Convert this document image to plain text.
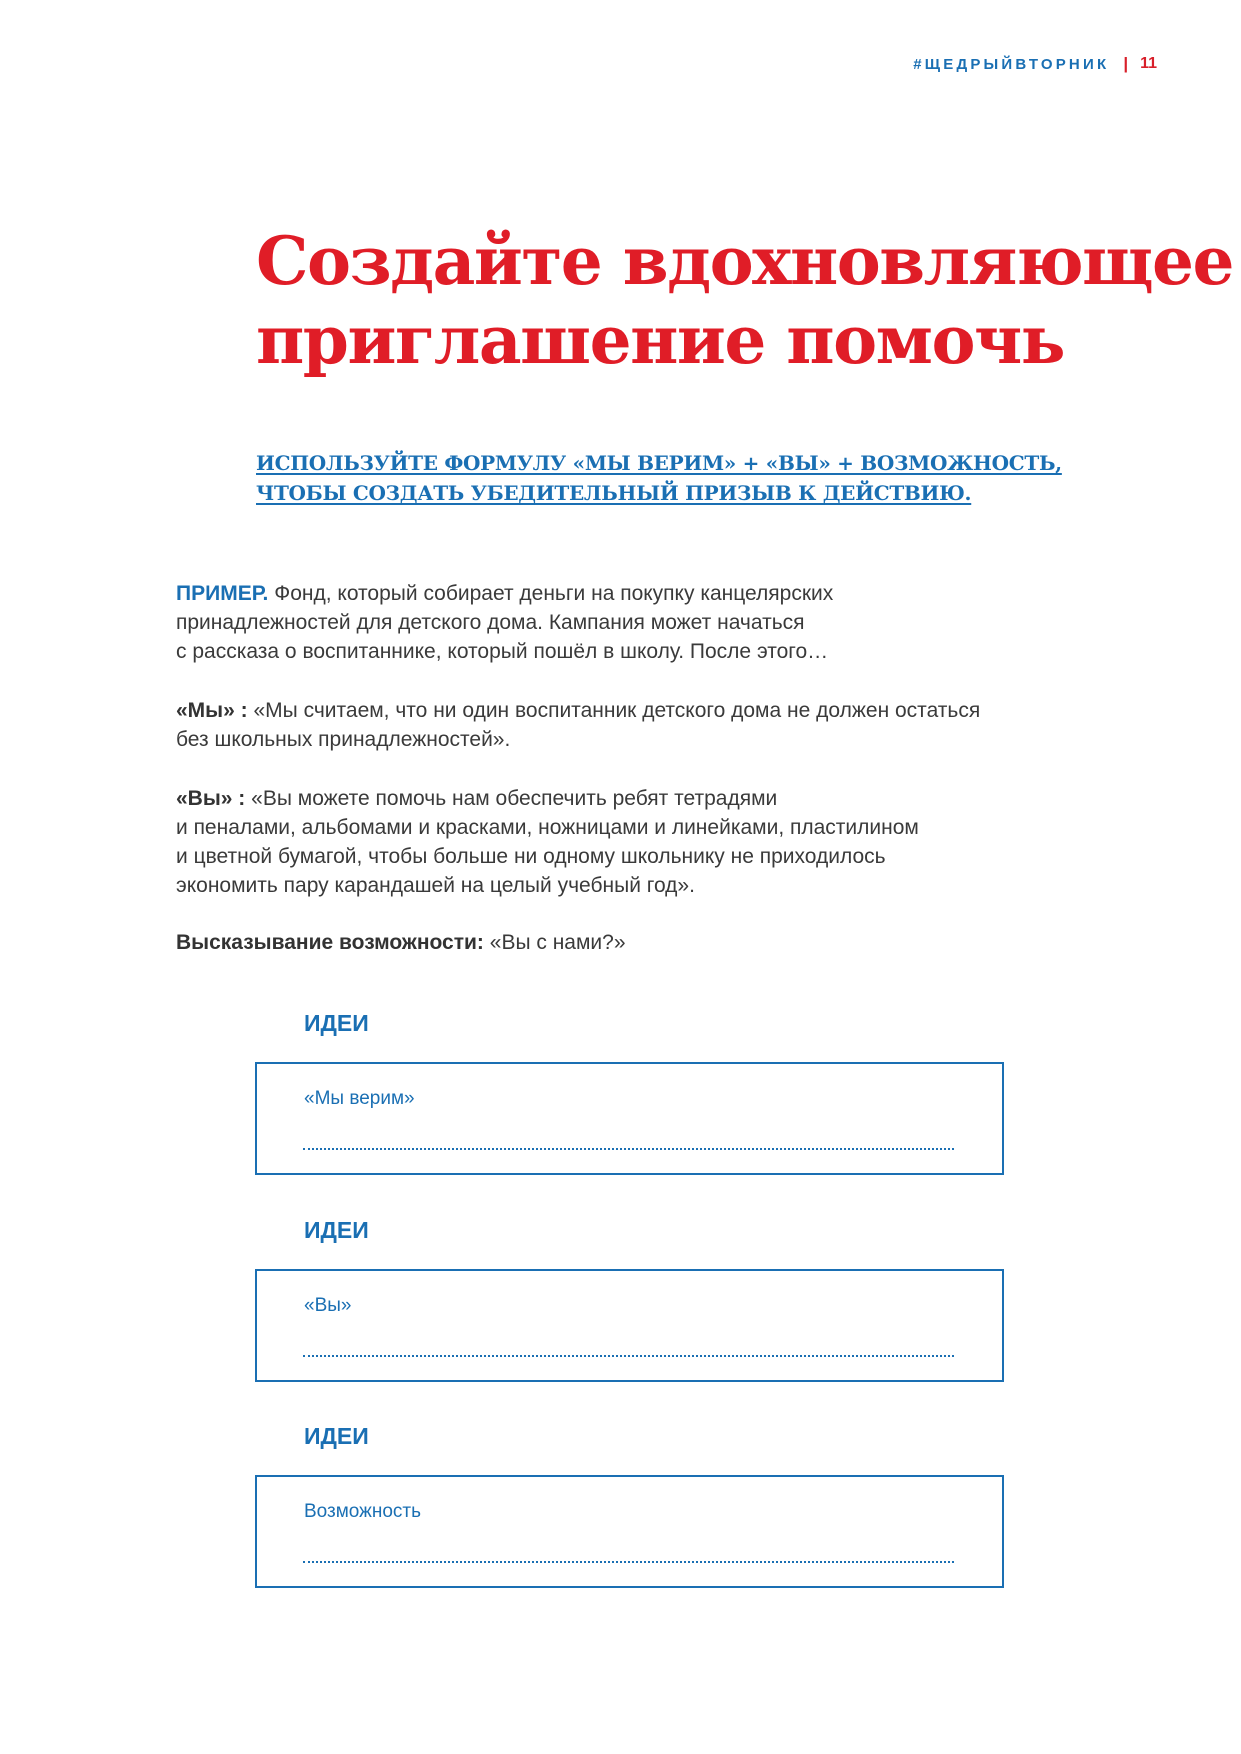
#ЩЕДРЫЙВТОРНИК | 11
Создайте вдохновляющее
приглашение помочь
ИСПОЛЬЗУЙТЕ ФОРМУЛУ «МЫ ВЕРИМ» + «ВЫ» + ВОЗМОЖНОСТЬ,
ЧТОБЫ СОЗДАТЬ УБЕДИТЕЛЬНЫЙ ПРИЗЫВ К ДЕЙСТВИЮ.
ПРИМЕР. Фонд, который собирает деньги на покупку канцелярских
принадлежностей для детского дома. Кампания может начаться
с рассказа о воспитаннике, который пошёл в школу. После этого…
«Мы» : «Мы считаем, что ни один воспитанник детского дома не должен остаться
без школьных принадлежностей».
«Вы» : «Вы можете помочь нам обеспечить ребят тетрадями
и пеналами, альбомами и красками, ножницами и линейками, пластилином
и цветной бумагой, чтобы больше ни одному школьнику не приходилось
экономить пару карандашей на целый учебный год».
Высказывание возможности: «Вы с нами?»
ИДЕИ
«Мы верим»
ИДЕИ
«Вы»
ИДЕИ
Возможность
